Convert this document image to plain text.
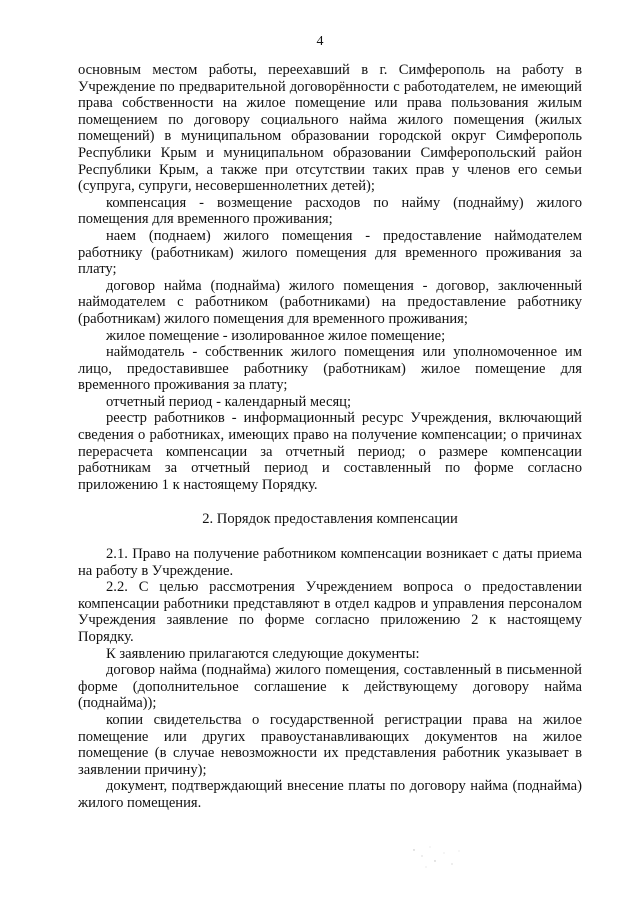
4

основным местом работы, переехавший в г. Симферополь на работу в Учреждение по предварительной договорённости с работодателем, не имеющий права собственности на жилое помещение или права пользования жилым помещением по договору социального найма жилого помещения (жилых помещений) в муниципальном образовании городской округ Симферополь Республики Крым и муниципальном образовании Симферопольский район Республики Крым, а также при отсутствии таких прав у членов его семьи (супруга, супруги, несовершеннолетних детей);

компенсация - возмещение расходов по найму (поднайму) жилого помещения для временного проживания;

наем (поднаем) жилого помещения - предоставление наймодателем работнику (работникам) жилого помещения для временного проживания за плату;

договор найма (поднайма) жилого помещения - договор, заключенный наймодателем с работником (работниками) на предоставление работнику (работникам) жилого помещения для временного проживания;

жилое помещение - изолированное жилое помещение;

наймодатель - собственник жилого помещения или уполномоченное им лицо, предоставившее работнику (работникам) жилое помещение для временного проживания за плату;

отчетный период - календарный месяц;

реестр работников - информационный ресурс Учреждения, включающий сведения о работниках, имеющих право на получение компенсации; о причинах перерасчета компенсации за отчетный период; о размере компенсации работникам за отчетный период и составленный по форме согласно приложению 1 к настоящему Порядку.

2. Порядок предоставления компенсации

2.1. Право на получение работником компенсации возникает с даты приема на работу в Учреждение.

2.2. С целью рассмотрения Учреждением вопроса о предоставлении компенсации работники представляют в отдел кадров и управления персоналом Учреждения заявление по форме согласно приложению 2 к настоящему Порядку.

К заявлению прилагаются следующие документы:

договор найма (поднайма) жилого помещения, составленный в письменной форме (дополнительное соглашение к действующему договору найма (поднайма));

копии свидетельства о государственной регистрации права на жилое помещение или других правоустанавливающих документов на жилое помещение (в случае невозможности их представления работник указывает в заявлении причину);

документ, подтверждающий внесение платы по договору найма (поднайма) жилого помещения.
